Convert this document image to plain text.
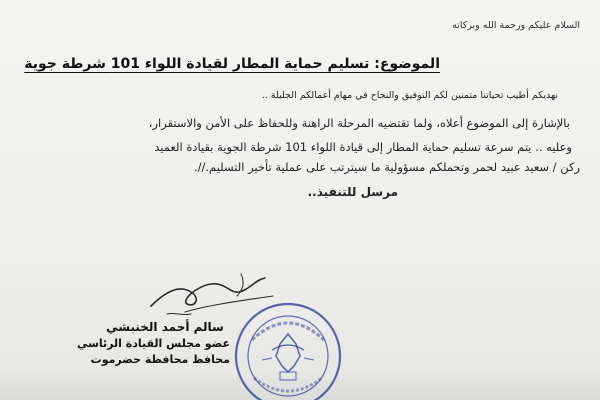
السلام عليكم ورحمة الله وبركاته
الموضوع: تسليم حماية المطار لقيادة اللواء 101 شرطة جوية
نهديكم أطيب تحياتنا متمنين لكم التوفيق والنجاح في مهام أعمالكم الجليلة ..
بالإشارة إلى الموضوع أعلاه، ولما تقتضيه المرحلة الراهنة وللحفاظ على الأمن والاستقرار،
وعليه .. يتم سرعة تسليم حماية المطار إلى قيادة اللواء 101 شرطة الجوية بقيادة العميد
ركن / سعيد عبيد لحمر وتحملكم مسؤولية ما سيترتب على عملية تأخير التسليم.//.
مرسل للتنفيذ..
سالم أحمد الخنبشي
عضو مجلس القيادة الرئاسي
محافظ محافظة حضرموت
